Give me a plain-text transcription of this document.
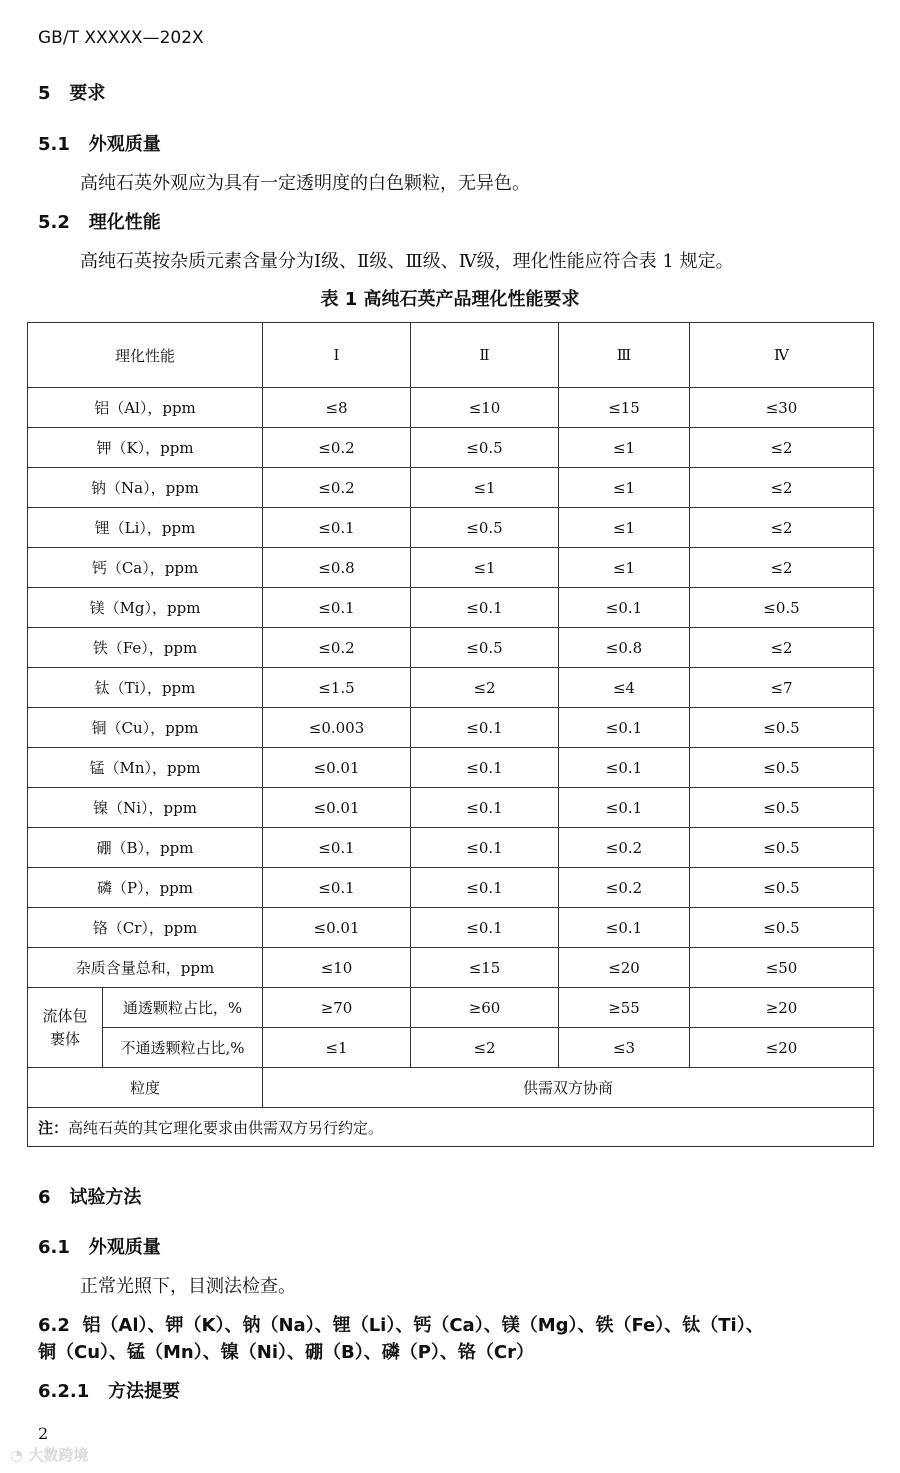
GB/T XXXXX—202X
5 要求
5.1 外观质量
高纯石英外观应为具有一定透明度的白色颗粒，无异色。
5.2 理化性能
高纯石英按杂质元素含量分为Ⅰ级、Ⅱ级、Ⅲ级、Ⅳ级，理化性能应符合表 1 规定。
表 1 高纯石英产品理化性能要求
理化性能		Ⅰ	Ⅱ	Ⅲ	Ⅳ
铝（Al），ppm		≤8	≤10	≤15	≤30
钾（K），ppm		≤0.2	≤0.5	≤1	≤2
钠（Na），ppm		≤0.2	≤1	≤1	≤2
锂（Li），ppm		≤0.1	≤0.5	≤1	≤2
钙（Ca），ppm		≤0.8	≤1	≤1	≤2
镁（Mg），ppm		≤0.1	≤0.1	≤0.1	≤0.5
铁（Fe），ppm		≤0.2	≤0.5	≤0.8	≤2
钛（Ti），ppm		≤1.5	≤2	≤4	≤7
铜（Cu），ppm		≤0.003	≤0.1	≤0.1	≤0.5
锰（Mn），ppm		≤0.01	≤0.1	≤0.1	≤0.5
镍（Ni），ppm		≤0.01	≤0.1	≤0.1	≤0.5
硼（B），ppm		≤0.1	≤0.1	≤0.2	≤0.5
磷（P），ppm		≤0.1	≤0.1	≤0.2	≤0.5
铬（Cr），ppm		≤0.01	≤0.1	≤0.1	≤0.5
杂质含量总和，ppm		≤10	≤15	≤20	≤50
流体包
裹体	通透颗粒占比，%	≥70	≥60	≥55	≥20
	不通透颗粒占比,%	≤1	≤2	≤3	≤20
粒度		供需双方协商			
注：高纯石英的其它理化要求由供需双方另行约定。					
6 试验方法
6.1 外观质量
正常光照下，目测法检查。
6.2 铝（Al）、钾（K）、钠（Na）、锂（Li）、钙（Ca）、镁（Mg）、铁（Fe）、钛（Ti）、
铜（Cu）、锰（Mn）、镍（Ni）、硼（B）、磷（P）、铬（Cr）
6.2.1 方法提要
2
◔ 大数跨境
